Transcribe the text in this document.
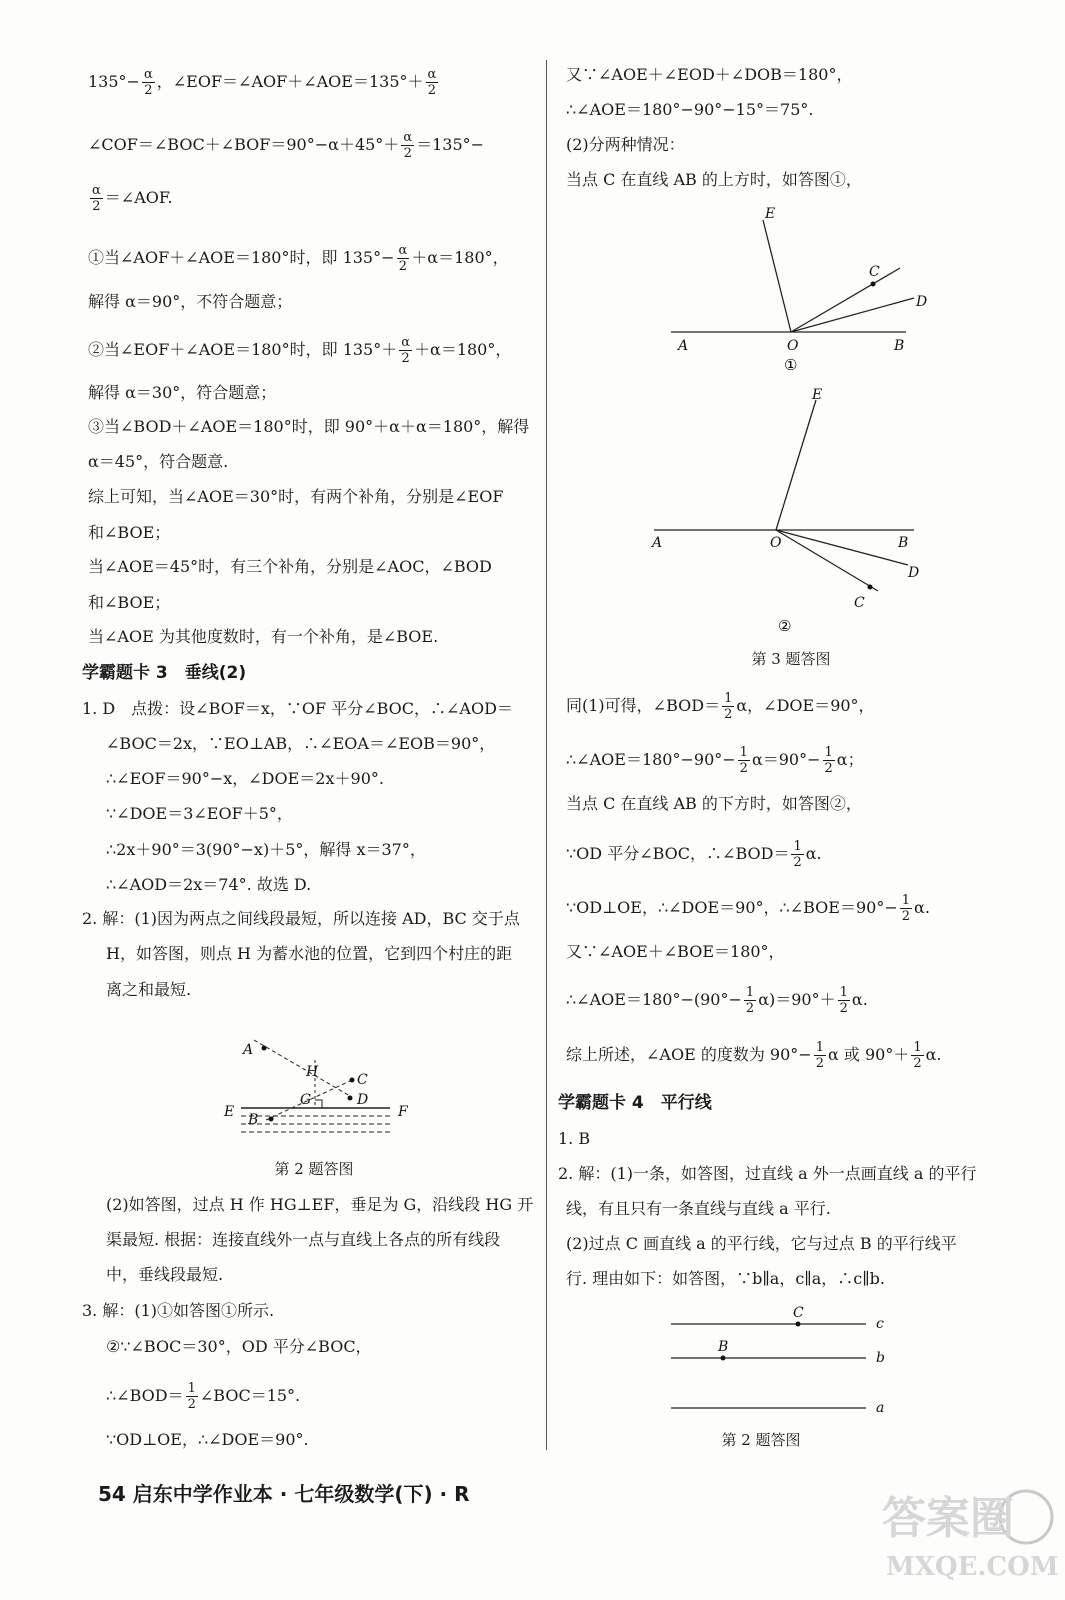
$135^\circ- \frac{\alpha}{2}$ ，∠EOF＝∠AOF＋∠AOE＝135°＋ $\frac{\alpha}{2}$
∠COF＝∠BOC＋∠BOF＝90°−α＋45°＋ $\frac{\alpha}{2} =135^\circ-$
$\frac{\alpha}{2}$ ＝∠AOF.
①当∠AOF＋∠AOE＝180°时，即 $135^\circ- \frac{\alpha}{2} +\alpha=180^\circ$，
解得 α＝90°，不符合题意；
②当∠EOF＋∠AOE＝180°时，即 $135^\circ+ \frac{\alpha}{2} +\alpha=180^\circ$，
解得 α＝30°，符合题意；
③当∠BOD＋∠AOE＝180°时，即 90°＋α＋α＝180°，解得
α＝45°，符合题意.
综上可知，当∠AOE＝30°时，有两个补角，分别是∠EOF
和∠BOE；
当∠AOE＝45°时，有三个补角，分别是∠AOC，∠BOD
和∠BOE；
当∠AOE 为其他度数时，有一个补角，是∠BOE.
学霸题卡 3　垂线(2)
1. D　点拨：设∠BOF＝x，∵OF 平分∠BOC，∴∠AOD＝
∠BOC＝2x，∵EO⊥AB，∴∠EOA＝∠EOB＝90°，
∴∠EOF＝90°−x，∠DOE＝2x＋90°.
∵∠DOE＝3∠EOF＋5°，
∴2x＋90°＝3(90°−x)＋5°，解得 x＝37°，
∴∠AOD＝2x＝74°. 故选 D.
2. 解：(1)因为两点之间线段最短，所以连接 AD，BC 交于点
H，如答图，则点 H 为蓄水池的位置，它到四个村庄的距
离之和最短.
A
C
D
B
H
G
E	F
第 2 题答图
(2)如答图，过点 H 作 HG⊥EF，垂足为 G，沿线段 HG 开
渠最短. 根据：连接直线外一点与直线上各点的所有线段
中，垂线段最短.
3. 解：(1)①如答图①所示.
②∵∠BOC＝30°，OD 平分∠BOC，
∴∠BOD＝ $\frac{1}{2}$ ∠BOC＝15°.
∵OD⊥OE，∴∠DOE＝90°.
又∵∠AOE＋∠EOD＋∠DOB＝180°，
∴∠AOE＝180°−90°−15°＝75°.
(2)分两种情况：
当点 C 在直线 AB 的上方时，如答图①，
E
C
D
A	O	B
①
E
A	O	B
D
C
②
第 3 题答图
同(1)可得，∠BOD＝ $\frac{1}{2}$ α，∠DOE＝90°，
∴∠AOE＝180°−90°− $\frac{1}{2} \alpha=90^\circ- \frac{1}{2}$ α；
当点 C 在直线 AB 的下方时，如答图②，
∵OD 平分∠BOC，∴∠BOD＝ $\frac{1}{2} \alpha$.
∵OD⊥OE，∴∠DOE＝90°，∴∠BOE＝90°− $\frac{1}{2} \alpha$.
又∵∠AOE＋∠BOE＝180°，
∴∠AOE＝180°−(90°− $\frac{1}{2} \alpha)=90^\circ+ \frac{1}{2} \alpha$.
综上所述，∠AOE 的度数为 $90^\circ- \frac{1}{2}$ α 或 $90^\circ+ \frac{1}{2} \alpha$.
学霸题卡 4　平行线
1. B
2. 解：(1)一条，如答图，过直线 a 外一点画直线 a 的平行
线，有且只有一条直线与直线 a 平行.
(2)过点 C 画直线 a 的平行线，它与过点 B 的平行线平
行. 理由如下：如答图，∵b∥a，c∥a，∴c∥b.
C
B
c
b
a
第 2 题答图
54 启东中学作业本 · 七年级数学(下) · R	答案圈
MXQE.COM
